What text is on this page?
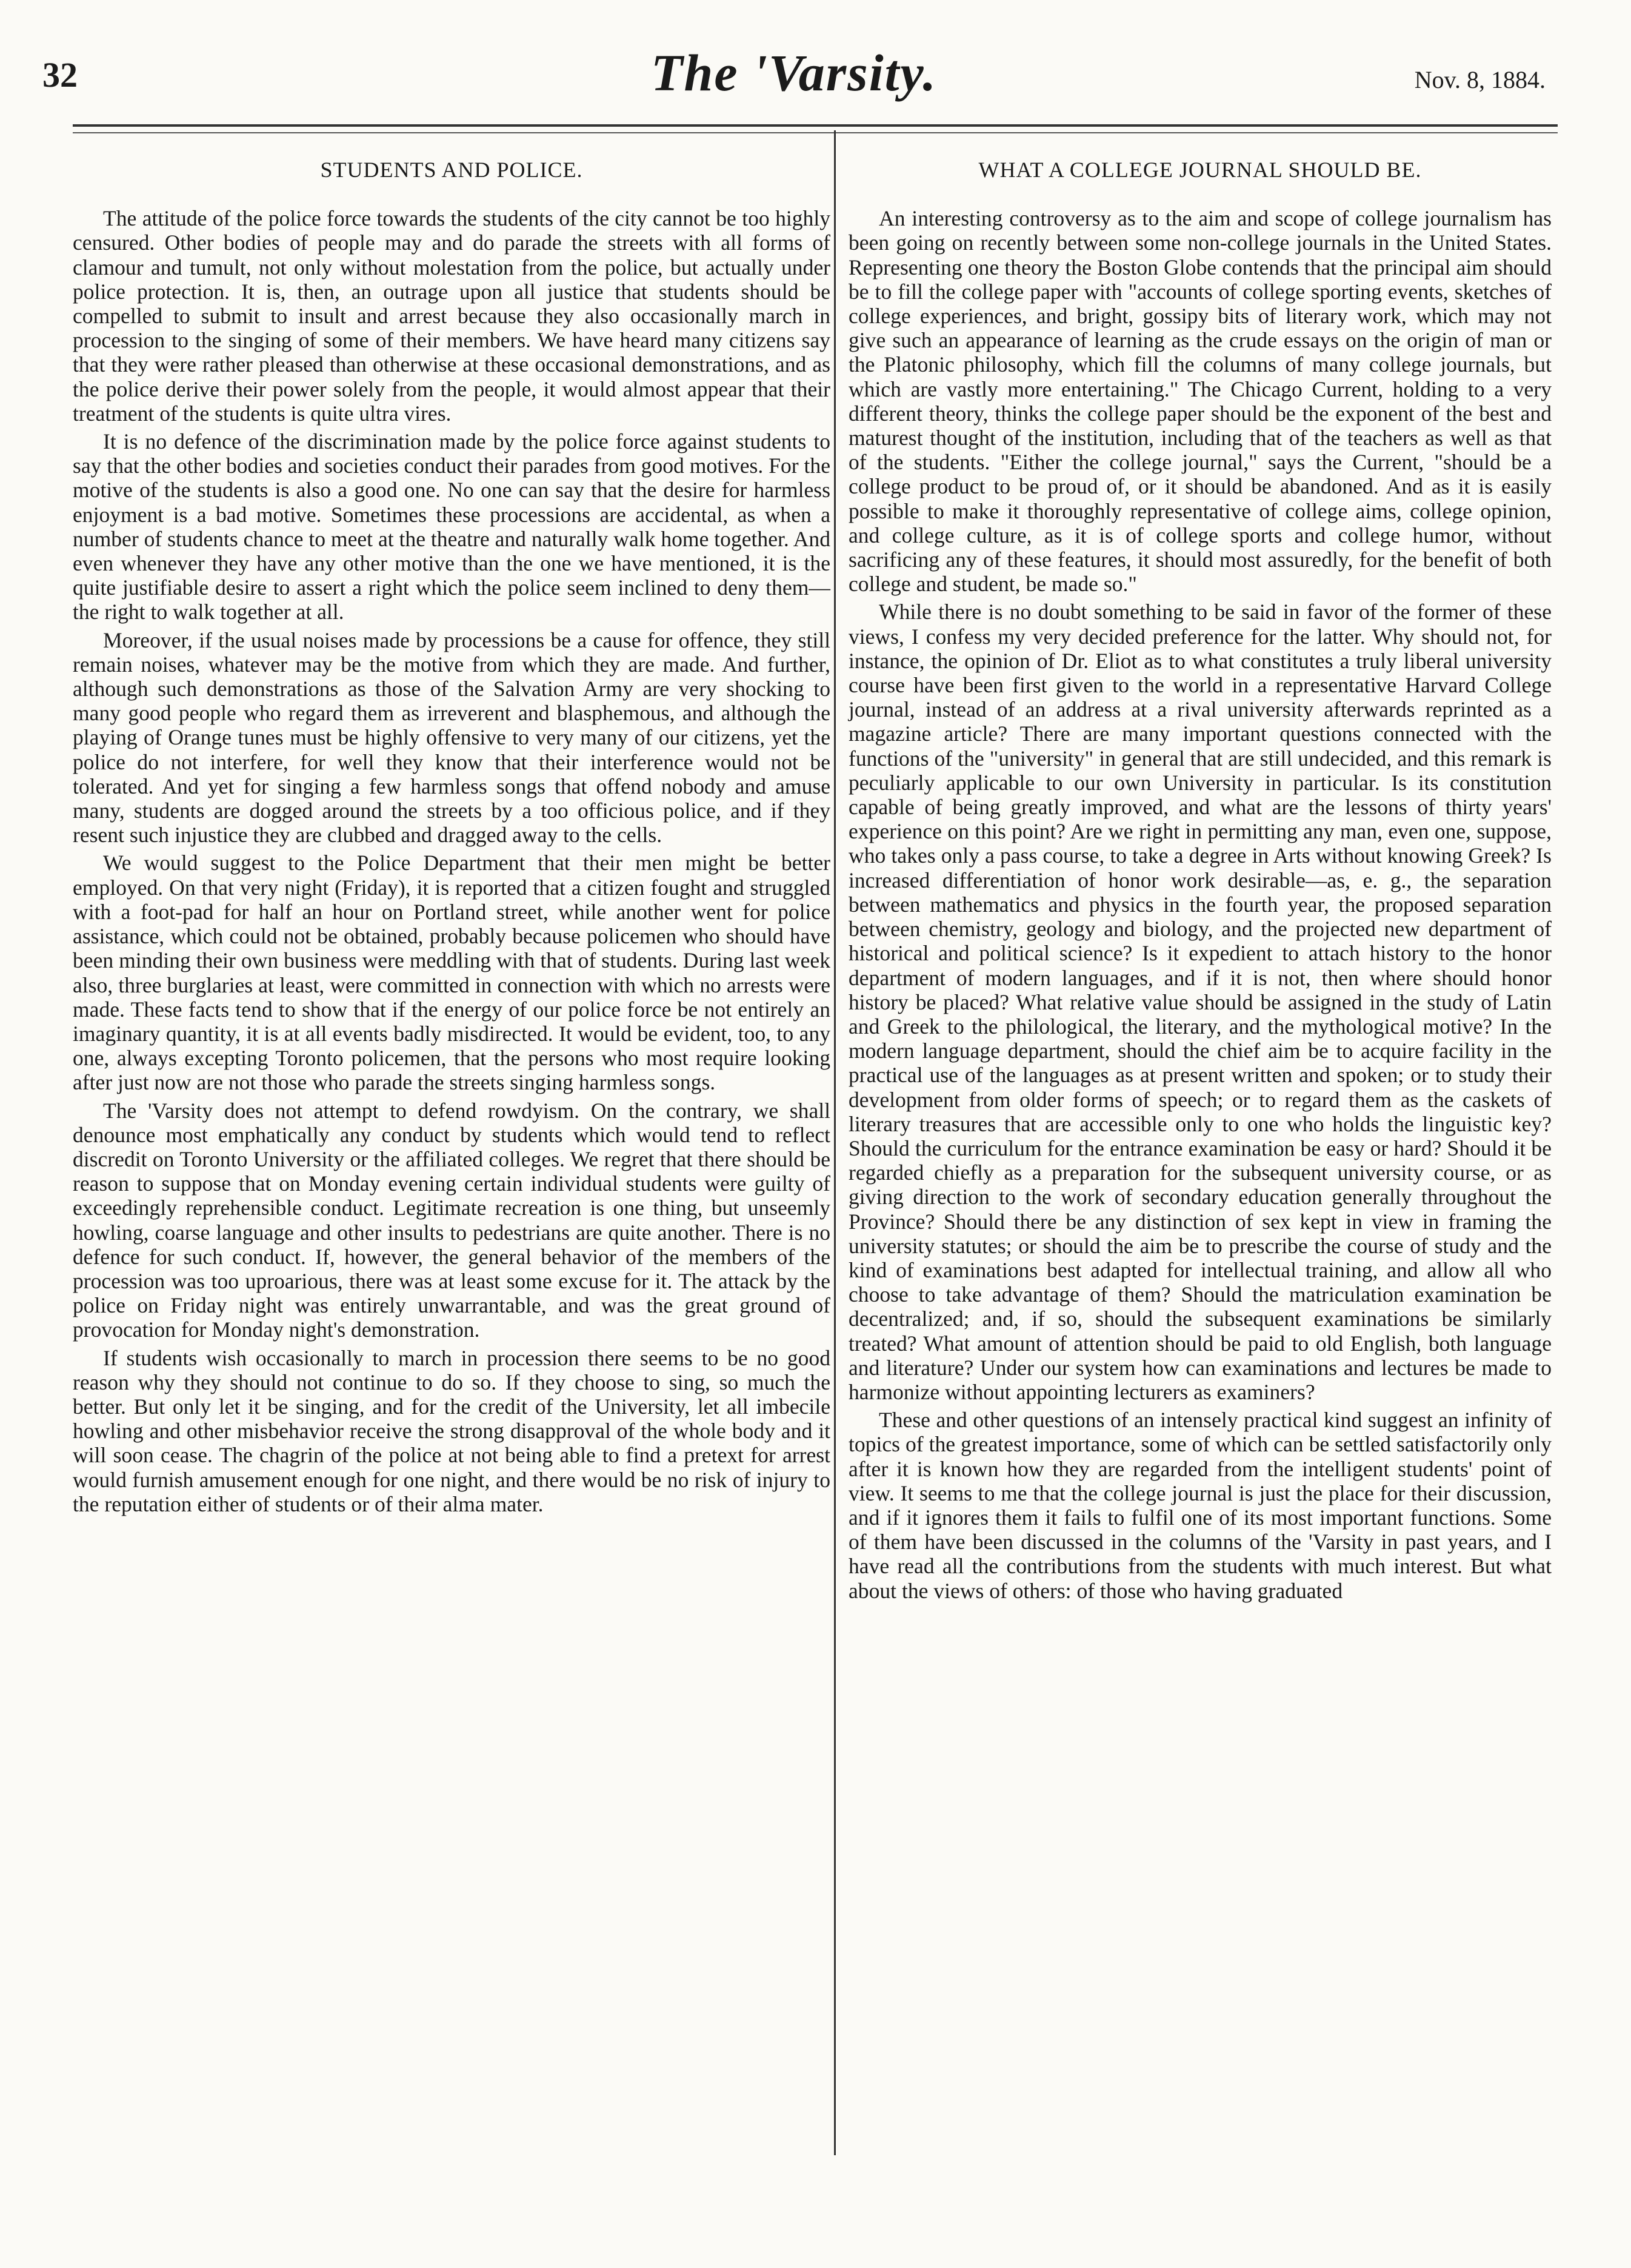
32	The 'Varsity.	Nov. 8, 1884.
STUDENTS AND POLICE.

The attitude of the police force towards the students of the city cannot be too highly censured. Other bodies of people may and do parade the streets with all forms of clamour and tumult, not only without molestation from the police, but actually under police protection. It is, then, an outrage upon all justice that students should be compelled to submit to insult and arrest because they also occasionally march in procession to the singing of some of their members. We have heard many citizens say that they were rather pleased than otherwise at these occasional demonstrations, and as the police derive their power solely from the people, it would almost appear that their treatment of the students is quite ultra vires.

It is no defence of the discrimination made by the police force against students to say that the other bodies and societies conduct their parades from good motives. For the motive of the students is also a good one. No one can say that the desire for harmless enjoyment is a bad motive. Sometimes these processions are accidental, as when a number of students chance to meet at the theatre and naturally walk home together. And even whenever they have any other motive than the one we have mentioned, it is the quite justifiable desire to assert a right which the police seem inclined to deny them—the right to walk together at all.

Moreover, if the usual noises made by processions be a cause for offence, they still remain noises, whatever may be the motive from which they are made. And further, although such demonstrations as those of the Salvation Army are very shocking to many good people who regard them as irreverent and blasphemous, and although the playing of Orange tunes must be highly offensive to very many of our citizens, yet the police do not interfere, for well they know that their interference would not be tolerated. And yet for singing a few harmless songs that offend nobody and amuse many, students are dogged around the streets by a too officious police, and if they resent such injustice they are clubbed and dragged away to the cells.

We would suggest to the Police Department that their men might be better employed. On that very night (Friday), it is reported that a citizen fought and struggled with a foot-pad for half an hour on Portland street, while another went for police assistance, which could not be obtained, probably because policemen who should have been minding their own business were meddling with that of students. During last week also, three burglaries at least, were committed in connection with which no arrests were made. These facts tend to show that if the energy of our police force be not entirely an imaginary quantity, it is at all events badly misdirected. It would be evident, too, to any one, always excepting Toronto policemen, that the persons who most require looking after just now are not those who parade the streets singing harmless songs.

The 'Varsity does not attempt to defend rowdyism. On the contrary, we shall denounce most emphatically any conduct by students which would tend to reflect discredit on Toronto University or the affiliated colleges. We regret that there should be reason to suppose that on Monday evening certain individual students were guilty of exceedingly reprehensible conduct. Legitimate recreation is one thing, but unseemly howling, coarse language and other insults to pedestrians are quite another. There is no defence for such conduct. If, however, the general behavior of the members of the procession was too uproarious, there was at least some excuse for it. The attack by the police on Friday night was entirely unwarrantable, and was the great ground of provocation for Monday night's demonstration.

If students wish occasionally to march in procession there seems to be no good reason why they should not continue to do so. If they choose to sing, so much the better. But only let it be singing, and for the credit of the University, let all imbecile howling and other misbehavior receive the strong disapproval of the whole body and it will soon cease. The chagrin of the police at not being able to find a pretext for arrest would furnish amusement enough for one night, and there would be no risk of injury to the reputation either of students or of their alma mater.

WHAT A COLLEGE JOURNAL SHOULD BE.

An interesting controversy as to the aim and scope of college journalism has been going on recently between some non-college journals in the United States. Representing one theory the Boston Globe contends that the principal aim should be to fill the college paper with "accounts of college sporting events, sketches of college experiences, and bright, gossipy bits of literary work, which may not give such an appearance of learning as the crude essays on the origin of man or the Platonic philosophy, which fill the columns of many college journals, but which are vastly more entertaining." The Chicago Current, holding to a very different theory, thinks the college paper should be the exponent of the best and maturest thought of the institution, including that of the teachers as well as that of the students. "Either the college journal," says the Current, "should be a college product to be proud of, or it should be abandoned. And as it is easily possible to make it thoroughly representative of college aims, college opinion, and college culture, as it is of college sports and college humor, without sacrificing any of these features, it should most assuredly, for the benefit of both college and student, be made so."

While there is no doubt something to be said in favor of the former of these views, I confess my very decided preference for the latter. Why should not, for instance, the opinion of Dr. Eliot as to what constitutes a truly liberal university course have been first given to the world in a representative Harvard College journal, instead of an address at a rival university afterwards reprinted as a magazine article? There are many important questions connected with the functions of the "university" in general that are still undecided, and this remark is peculiarly applicable to our own University in particular. Is its constitution capable of being greatly improved, and what are the lessons of thirty years' experience on this point? Are we right in permitting any man, even one, suppose, who takes only a pass course, to take a degree in Arts without knowing Greek? Is increased differentiation of honor work desirable—as, e. g., the separation between mathematics and physics in the fourth year, the proposed separation between chemistry, geology and biology, and the projected new department of historical and political science? Is it expedient to attach history to the honor department of modern languages, and if it is not, then where should honor history be placed? What relative value should be assigned in the study of Latin and Greek to the philological, the literary, and the mythological motive? In the modern language department, should the chief aim be to acquire facility in the practical use of the languages as at present written and spoken; or to study their development from older forms of speech; or to regard them as the caskets of literary treasures that are accessible only to one who holds the linguistic key? Should the curriculum for the entrance examination be easy or hard? Should it be regarded chiefly as a preparation for the subsequent university course, or as giving direction to the work of secondary education generally throughout the Province? Should there be any distinction of sex kept in view in framing the university statutes; or should the aim be to prescribe the course of study and the kind of examinations best adapted for intellectual training, and allow all who choose to take advantage of them? Should the matriculation examination be decentralized; and, if so, should the subsequent examinations be similarly treated? What amount of attention should be paid to old English, both language and literature? Under our system how can examinations and lectures be made to harmonize without appointing lecturers as examiners?

These and other questions of an intensely practical kind suggest an infinity of topics of the greatest importance, some of which can be settled satisfactorily only after it is known how they are regarded from the intelligent students' point of view. It seems to me that the college journal is just the place for their discussion, and if it ignores them it fails to fulfil one of its most important functions. Some of them have been discussed in the columns of the 'Varsity in past years, and I have read all the contributions from the students with much interest. But what about the views of others: of those who having graduated
